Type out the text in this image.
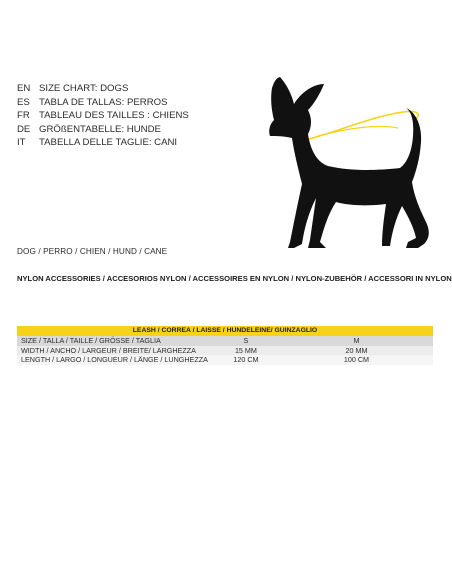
EN SIZE CHART: DOGS
ES TABLA DE TALLAS: PERROS
FR TABLEAU DES TAILLES : CHIENS
DE GRÖßENTABELLE: HUNDE
IT	TABELLA DELLE TAGLIE: CANI
DOG / PERRO / CHIEN / HUND / CANE
NYLON ACCESSORIES / ACCESORIOS NYLON / ACCESSOIRES EN NYLON / NYLON-ZUBEHÖR / ACCESSORI IN NYLON
LEASH / CORREA / LAISSE / HUNDELEINE/ GUINZAGLIO		
SIZE / TALLA / TAILLE / GRÖSSE / TAGLIA	S	M
WIDTH / ANCHO / LARGEUR / BREITE/ LARGHEZZA	15 MM	20 MM
LENGTH / LARGO / LONGUEUR / LÄNGE / LUNGHEZZA	120 CM	100 CM
